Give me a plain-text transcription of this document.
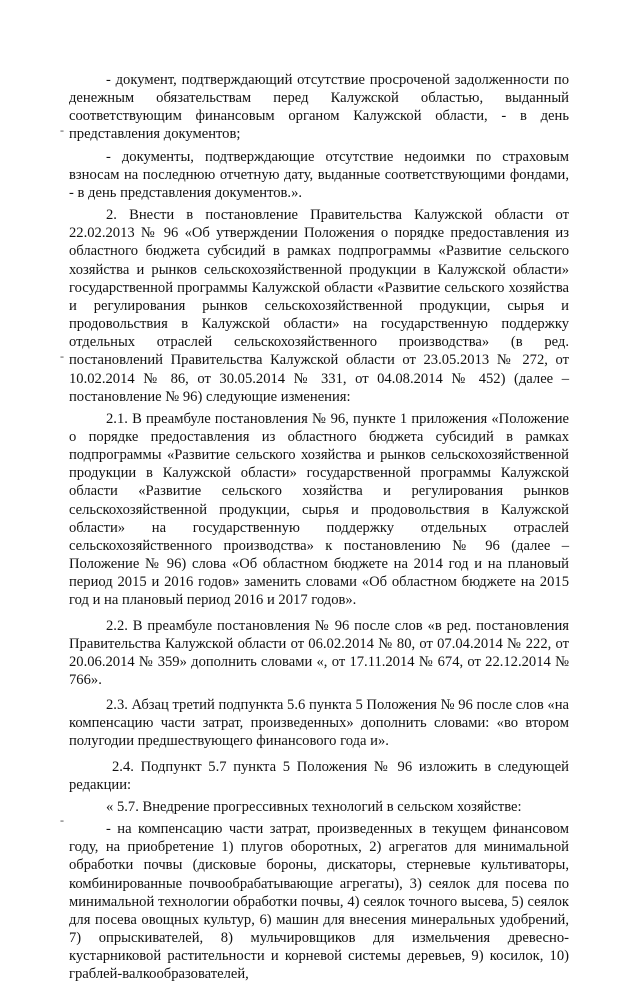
-
-
-

- документ, подтверждающий отсутствие просроченой задолженности по денежным обязательствам перед Калужской областью, выданный соответствующим финансовым органом Калужской области, - в день представления документов;

- документы, подтверждающие отсутствие недоимки по страховым взносам на последнюю отчетную дату, выданные соответствующими фондами, - в день представления документов.».

2. Внести в постановление Правительства Калужской области от 22.02.2013 № 96 «Об утверждении Положения о порядке предоставления из областного бюджета субсидий в рамках подпрограммы «Развитие сельского хозяйства и рынков сельскохозяйственной продукции в Калужской области» государственной программы Калужской области «Развитие сельского хозяйства и регулирования рынков сельскохозяйственной продукции, сырья и продовольствия в Калужской области» на государственную поддержку отдельных отраслей сельскохозяйственного производства» (в ред. постановлений Правительства Калужской области от 23.05.2013 № 272, от 10.02.2014 № 86, от 30.05.2014 № 331, от 04.08.2014 № 452) (далее – постановление № 96) следующие изменения:

2.1. В преамбуле постановления № 96, пункте 1 приложения «Положение о порядке предоставления из областного бюджета субсидий в рамках подпрограммы «Развитие сельского хозяйства и рынков сельскохозяйственной продукции в Калужской области» государственной программы Калужской области «Развитие сельского хозяйства и регулирования рынков сельскохозяйственной продукции, сырья и продовольствия в Калужской области» на государственную поддержку отдельных отраслей сельскохозяйственного производства» к постановлению № 96 (далее – Положение № 96) слова «Об областном бюджете на 2014 год и на плановый период 2015 и 2016 годов» заменить словами «Об областном бюджете на 2015 год и на плановый период 2016 и 2017 годов».

2.2. В преамбуле постановления № 96 после слов «в ред. постановления Правительства Калужской области от 06.02.2014 № 80, от 07.04.2014 № 222, от 20.06.2014 № 359» дополнить словами «, от 17.11.2014 № 674, от 22.12.2014 № 766».

2.3. Абзац третий подпункта 5.6 пункта 5 Положения № 96 после слов «на компенсацию части затрат, произведенных» дополнить словами: «во втором полугодии предшествующего финансового года и».

2.4. Подпункт 5.7 пункта 5 Положения № 96 изложить в следующей редакции:

« 5.7. Внедрение прогрессивных технологий в сельском хозяйстве:

- на компенсацию части затрат, произведенных в текущем финансовом году, на приобретение 1) плугов оборотных, 2) агрегатов для минимальной обработки почвы (дисковые бороны, дискаторы, стерневые культиваторы, комбинированные почвообрабатывающие агрегаты), 3) сеялок для посева по минимальной технологии обработки почвы, 4) сеялок точного высева, 5) сеялок для посева овощных культур, 6) машин для внесения минеральных удобрений, 7) опрыскивателей, 8) мульчировщиков для измельчения древесно-кустарниковой растительности и корневой системы деревьев, 9) косилок, 10) граблей-валкообразователей,
